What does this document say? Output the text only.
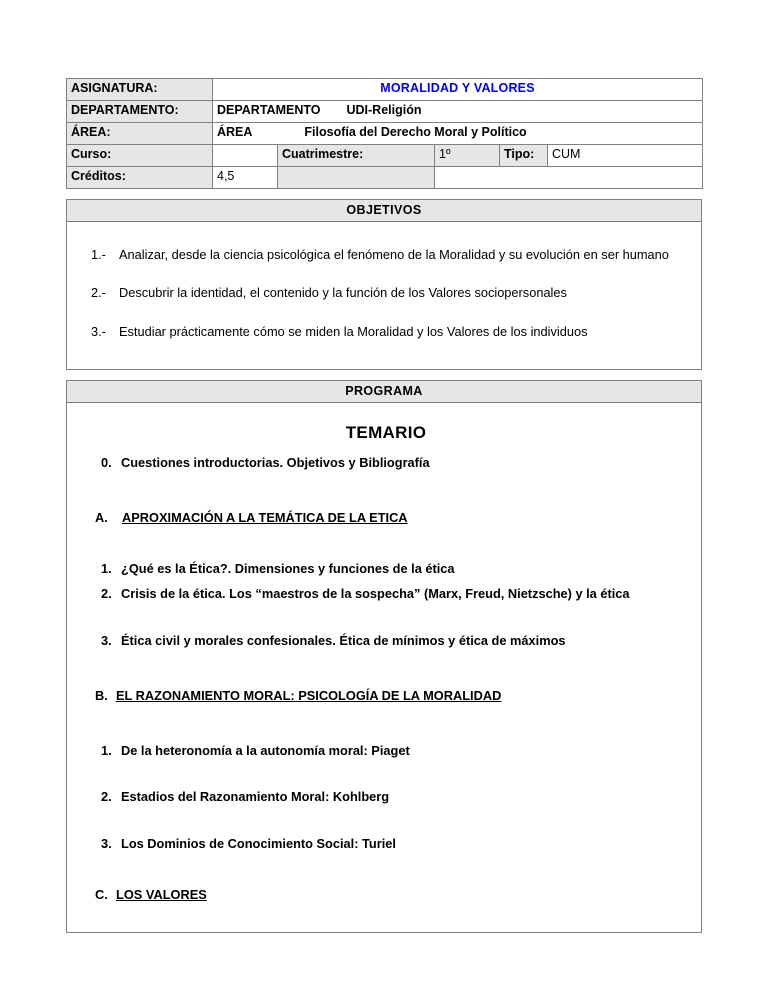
ASIGNATURA:	MORALIDAD Y VALORES				
DEPARTAMENTO:	DEPARTAMENTO UDI-Religión				
ÁREA:	ÁREA Filosofía del Derecho Moral y Político				
Curso:		Cuatrimestre:	1º	Tipo:	CUM
Créditos:	4,5				
OBJETIVOS
1.-	Analizar, desde la ciencia psicológica el fenómeno de la Moralidad y su evolución en ser humano
2.-	Descubrir la identidad, el contenido y la función de los Valores sociopersonales
3.-	Estudiar prácticamente cómo se miden la Moralidad y los Valores de los individuos
PROGRAMA
TEMARIO
0. Cuestiones introductorias. Objetivos y Bibliografía
A.	APROXIMACIÓN A LA TEMÁTICA DE LA ETICA
1. ¿Qué es la Ética?. Dimensiones y funciones de la ética
2. Crisis de la ética. Los “maestros de la sospecha” (Marx, Freud, Nietzsche) y la ética
3. Ética civil y morales confesionales. Ética de mínimos y ética de máximos
B. EL RAZONAMIENTO MORAL: PSICOLOGÍA DE LA MORALIDAD
1. De la heteronomía a la autonomía moral: Piaget
2. Estadios del Razonamiento Moral: Kohlberg
3. Los Dominios de Conocimiento Social: Turiel
C. LOS VALORES
